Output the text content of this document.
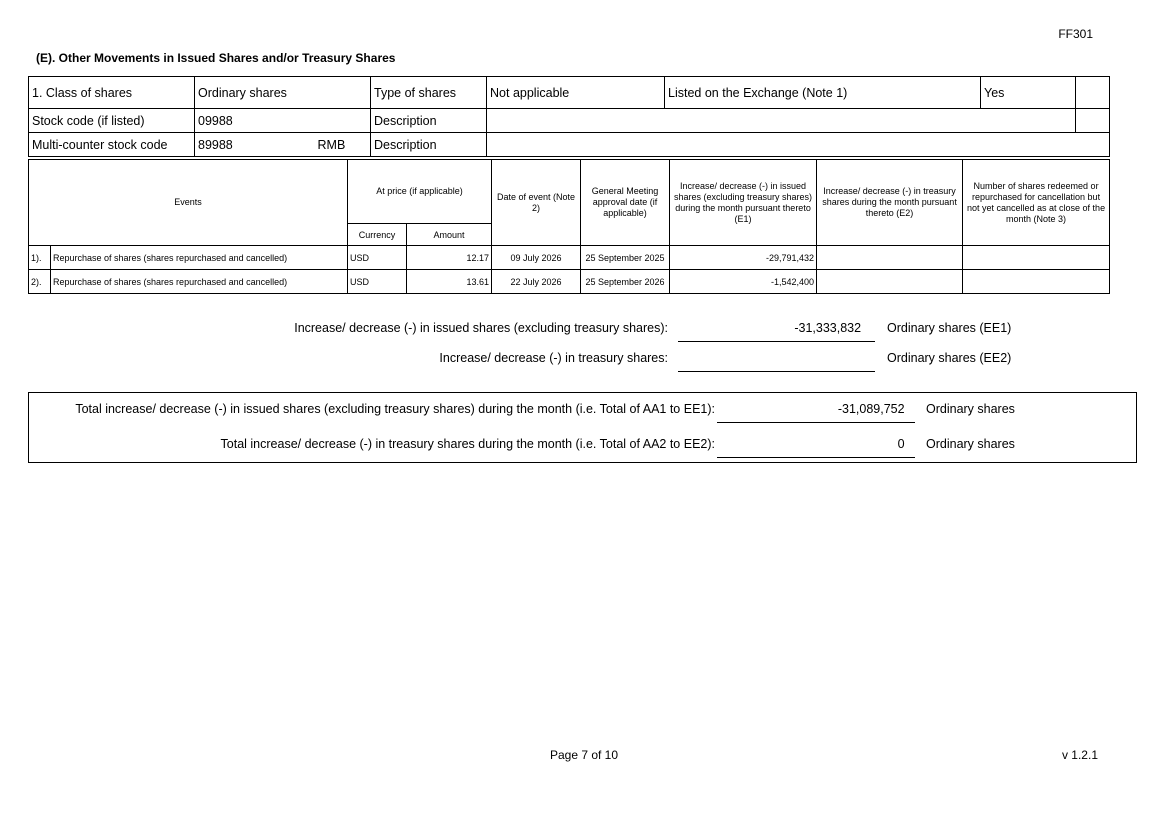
FF301
(E). Other Movements in Issued Shares and/or Treasury Shares
1. Class of shares	Ordinary shares		Type of shares	Not applicable	Listed on the Exchange (Note 1)	Yes	
Stock code (if listed)	09988		Description				
Multi-counter stock code	89988	RMB	Description				
Events		At price (if applicable)		Date of event (Note 2)	General Meeting approval date (if applicable)	Increase/ decrease (-) in issued shares (excluding treasury shares) during the month pursuant thereto (E1)	Increase/ decrease (-) in treasury shares during the month pursuant thereto (E2)	Number of shares redeemed or repurchased for cancellation but not yet cancelled as at close of the month (Note 3)
		Currency	Amount					
1).	Repurchase of shares (shares repurchased and cancelled)	USD	12.17	09 July 2026	25 September 2025	-29,791,432		
2).	Repurchase of shares (shares repurchased and cancelled)	USD	13.61	22 July 2026	25 September 2026	-1,542,400		
Increase/ decrease (-) in issued shares (excluding treasury shares):	-31,333,832	Ordinary shares (EE1)
Increase/ decrease (-) in treasury shares:	Ordinary shares (EE2)
Total increase/ decrease (-) in issued shares (excluding treasury shares) during the month (i.e. Total of AA1 to EE1):	-31,089,752	Ordinary shares
Total increase/ decrease (-) in treasury shares during the month (i.e. Total of AA2 to EE2):	0	Ordinary shares
Page 7 of 10	v 1.2.1
